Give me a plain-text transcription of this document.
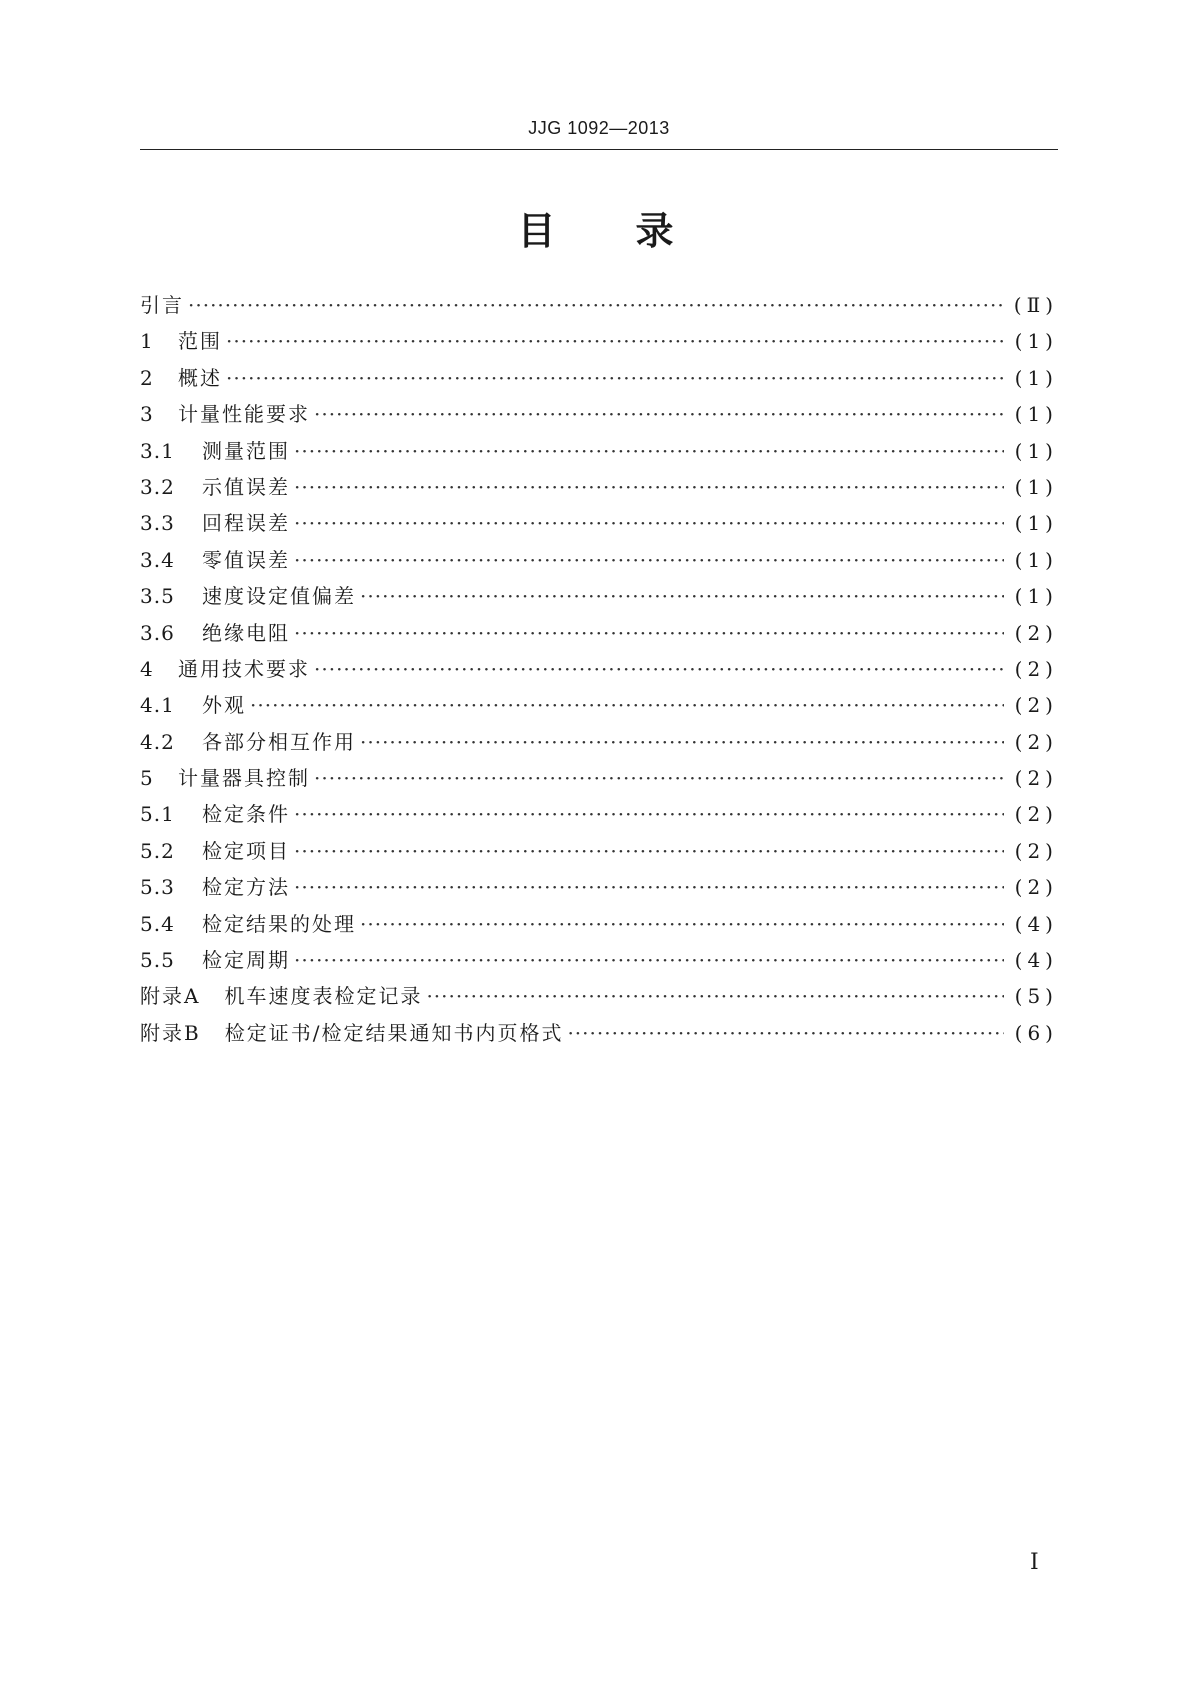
JJG 1092—2013
目 录
引言 ·····	(Ⅱ)
1 范围 ·····	(1)
2 概述 ·····	(1)
3 计量性能要求 ·····	(1)
3.1 测量范围 ·····	(1)
3.2 示值误差 ·····	(1)
3.3 回程误差 ·····	(1)
3.4 零值误差 ·····	(1)
3.5 速度设定值偏差 ·····	(1)
3.6 绝缘电阻 ·····	(2)
4 通用技术要求 ·····	(2)
4.1 外观 ·····	(2)
4.2 各部分相互作用 ·····	(2)
5 计量器具控制 ·····	(2)
5.1 检定条件 ·····	(2)
5.2 检定项目 ·····	(2)
5.3 检定方法 ·····	(2)
5.4 检定结果的处理 ·····	(4)
5.5 检定周期 ·····	(4)
附录A 机车速度表检定记录 ·····	(5)
附录B 检定证书/检定结果通知书内页格式 ·····	(6)
Ⅰ
